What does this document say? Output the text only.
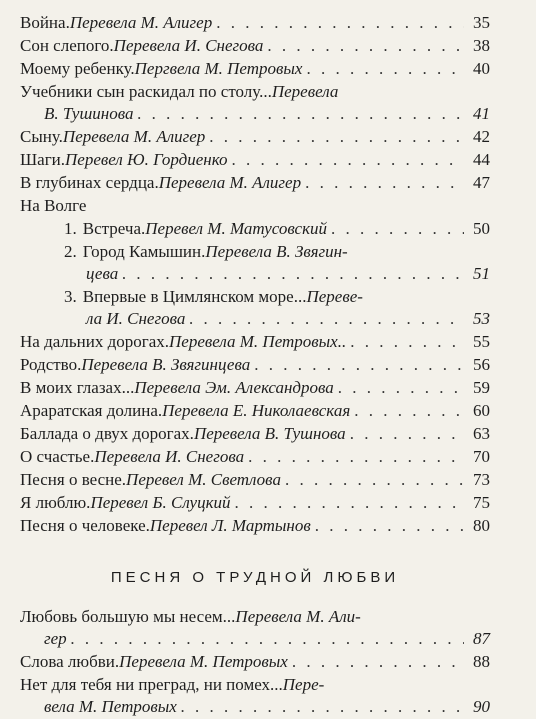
Война. Перевела М. Алигер . . .	35
Сон слепого. Перевела И. Снегова . . .	38
Моему ребенку. Пергвела М. Петровых . . .	40
Учебники сын раскидал по столу... Перевела
В. Тушинова . . .	41
Сыну. Перевела М. Алигер . . .	42
Шаги. Перевел Ю. Гордиенко . . .	44
В глубинах сердца. Перевела М. Алигер . . .	47
На Волге
1. Встреча. Перевел М. Матусовский . . .	50
2. Город Камышин. Перевела В. Звягин-
цева . . .	51
3. Впервые в Цимлянском море... Переве-
ла И. Снегова . . .	53
На дальних дорогах. Перевела М. Петровых.. . . .	55
Родство. Перевела В. Звягинцева . . .	56
В моих глазах... Перевела Эм. Александрова . . .	59
Араратская долина. Перевела Е. Николаевская . . .	60
Баллада о двух дорогах. Перевела В. Тушнова . . .	63
О счастье. Перевела И. Снегова . . .	70
Песня о весне. Перевел М. Светлова . . .	73
Я люблю. Перевел Б. Слуцкий . . .	75
Песня о человеке. Перевел Л. Мартынов . . .	80
ПЕСНЯ О ТРУДНОЙ ЛЮБВИ
Любовь большую мы несем... Перевела М. Али-
гер . . .	87
Слова любви. Перевела М. Петровых . . .	88
Нет для тебя ни преград, ни помех... Пере-
вела М. Петровых . . .	90
